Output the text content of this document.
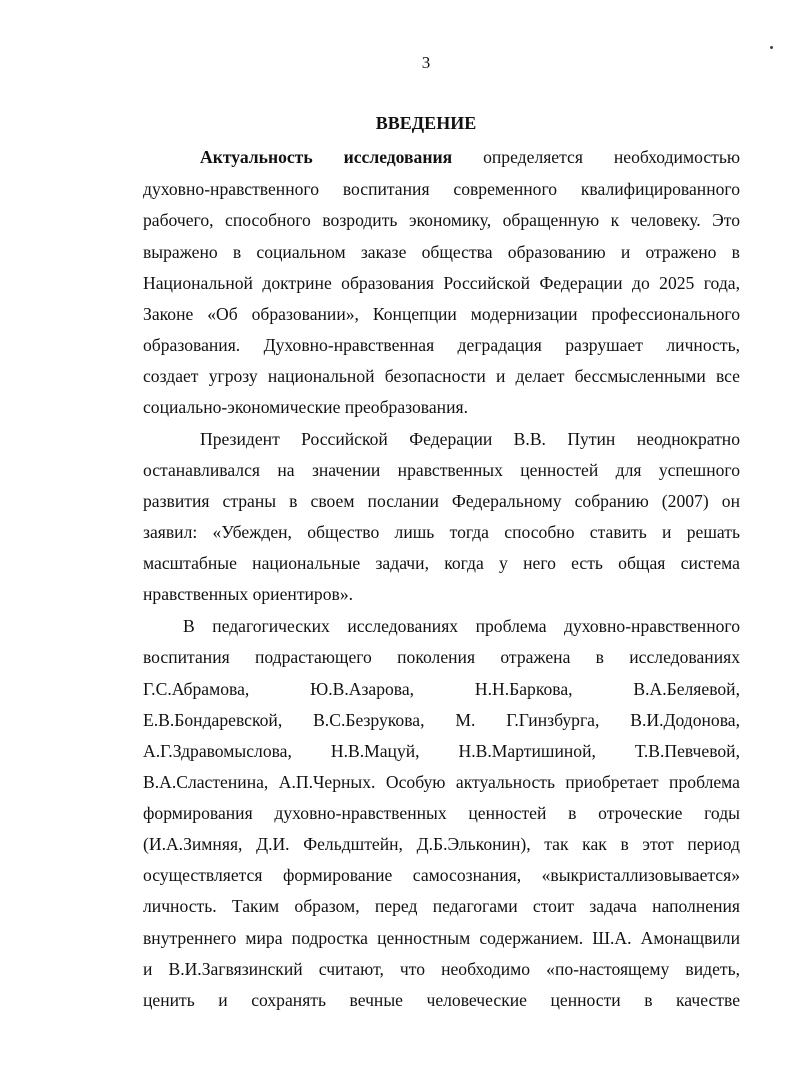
3
ВВЕДЕНИЕ
Актуальность исследования определяется необходимостью
духовно-нравственного воспитания современного квалифицированного
рабочего, способного возродить экономику, обращенную к человеку. Это
выражено в социальном заказе общества образованию и отражено в
Национальной доктрине образования Российской Федерации до 2025 года,
Законе «Об образовании», Концепции модернизации профессионального
образования. Духовно-нравственная деградация разрушает личность,
создает угрозу национальной безопасности и делает бессмысленными все
социально-экономические преобразования.
Президент Российской Федерации В.В. Путин неоднократно
останавливался на значении нравственных ценностей для успешного
развития страны в своем послании Федеральному собранию (2007) он
заявил: «Убежден, общество лишь тогда способно ставить и решать
масштабные национальные задачи, когда у него есть общая система
нравственных ориентиров».
В педагогических исследованиях проблема духовно-нравственного
воспитания подрастающего поколения отражена в исследованиях
Г.С.Абрамова, Ю.В.Азарова, Н.Н.Баркова, В.А.Беляевой,
Е.В.Бондаревской, В.С.Безрукова, М. Г.Гинзбурга, В.И.Додонова,
А.Г.Здравомыслова, Н.В.Мацуй, Н.В.Мартишиной, Т.В.Певчевой,
В.А.Сластенина, А.П.Черных. Особую актуальность приобретает проблема
формирования духовно-нравственных ценностей в отроческие годы
(И.А.Зимняя, Д.И. Фельдштейн, Д.Б.Эльконин), так как в этот период
осуществляется формирование самосознания, «выкристаллизовывается»
личность. Таким образом, перед педагогами стоит задача наполнения
внутреннего мира подростка ценностным содержанием. Ш.А. Амонащвили
и В.И.Загвязинский считают, что необходимо «по-настоящему видеть,
ценить и сохранять вечные человеческие ценности в качестве
